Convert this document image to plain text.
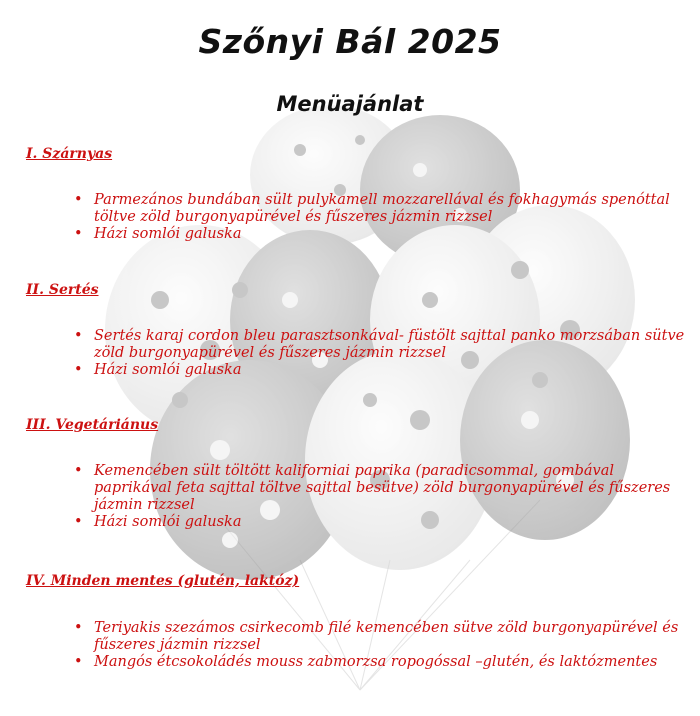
Szőnyi Bál 2025
Menüajánlat
I. Szárnyas
• Parmezános bundában sült pulykamell mozzarellával és fokhagymás spenóttal töltve zöld burgonyapürével és fűszeres jázmin rizzsel
• Házi somlói galuska
II. Sertés
• Sertés karaj cordon bleu parasztsonkával- füstölt sajttal panko morzsában sütve zöld burgonyapürével és fűszeres jázmin rizzsel
• Házi somlói galuska
III. Vegetáriánus
• Kemencében sült töltött kaliforniai paprika (paradicsommal, gombával paprikával feta sajttal töltve sajttal besütve) zöld burgonyapürével és fűszeres jázmin rizzsel
• Házi somlói galuska
IV. Minden mentes (glutén, laktóz)
• Teriyakis szezámos csirkecomb filé kemencében sütve zöld burgonyapürével és fűszeres jázmin rizzsel
• Mangós étcsokoládés mouss zabmorzsa ropogóssal –glutén, és laktózmentes
